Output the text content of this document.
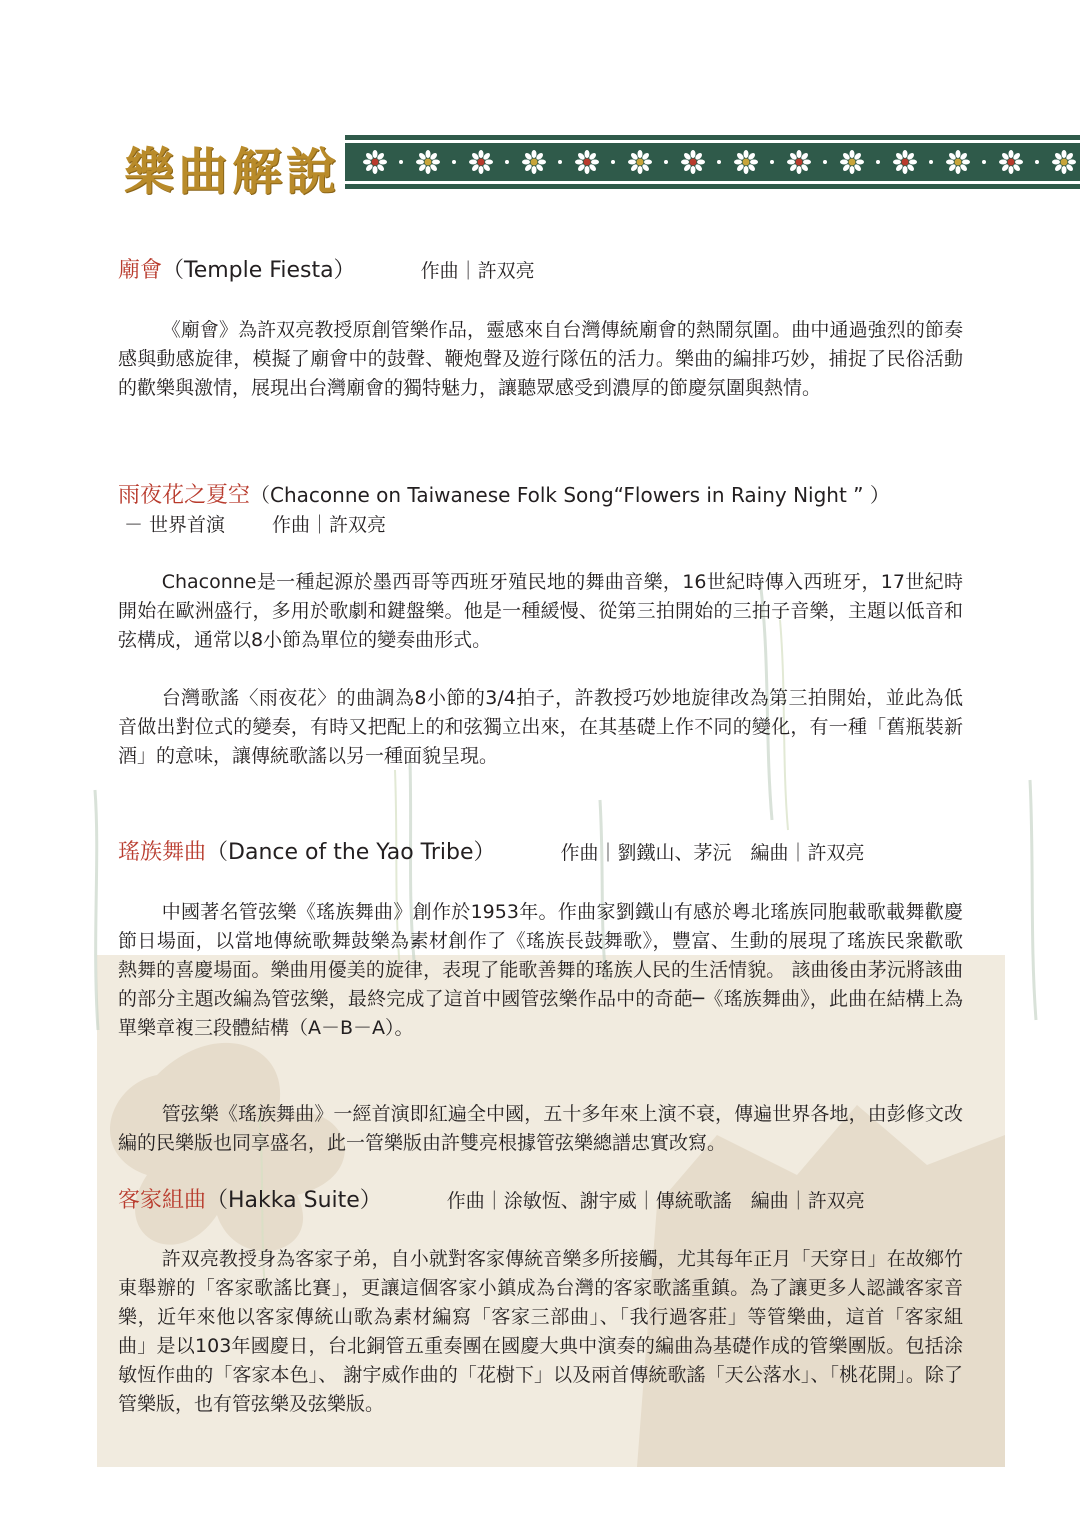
樂曲解說
廟會（Temple Fiesta）	作曲｜許双亮

《廟會》為許双亮教授原創管樂作品，靈感來自台灣傳統廟會的熱鬧氛圍。曲中通過強烈的節奏感與動感旋律，模擬了廟會中的鼓聲、鞭炮聲及遊行隊伍的活力。樂曲的編排巧妙，捕捉了民俗活動的歡樂與激情，展現出台灣廟會的獨特魅力，讓聽眾感受到濃厚的節慶氛圍與熱情。

雨夜花之夏空（Chaconne on Taiwanese Folk Song“Flowers in Rainy Night ” ）
－ 世界首演 作曲｜許双亮

Chaconne是一種起源於墨西哥等西班牙殖民地的舞曲音樂，16世紀時傳入西班牙，17世紀時開始在歐洲盛行，多用於歌劇和鍵盤樂。他是一種緩慢、從第三拍開始的三拍子音樂，主題以低音和弦構成，通常以8小節為單位的變奏曲形式。

台灣歌謠〈雨夜花〉的曲調為8小節的3/4拍子，許教授巧妙地旋律改為第三拍開始，並此為低音做出對位式的變奏，有時又把配上的和弦獨立出來，在其基礎上作不同的變化，有一種「舊瓶裝新酒」的意味，讓傳統歌謠以另一種面貌呈現。

瑤族舞曲（Dance of the Yao Tribe）	作曲｜劉鐵山、茅沅　編曲｜許双亮

中國著名管弦樂《瑤族舞曲》創作於1953年。作曲家劉鐵山有感於粵北瑤族同胞載歌載舞歡慶節日場面，以當地傳統歌舞鼓樂為素材創作了《瑤族長鼓舞歌》，豐富、生動的展現了瑤族民衆歡歌熱舞的喜慶場面。樂曲用優美的旋律，表現了能歌善舞的瑤族人民的生活情貌。 該曲後由茅沅將該曲的部分主題改編為管弦樂，最終完成了這首中國管弦樂作品中的奇葩─《瑤族舞曲》，此曲在結構上為單樂章複三段體結構（A－B－A）。

管弦樂《瑤族舞曲》一經首演即紅遍全中國，五十多年來上演不衰，傳遍世界各地，由彭修文改編的民樂版也同享盛名，此一管樂版由許雙亮根據管弦樂總譜忠實改寫。

客家組曲（Hakka Suite）	作曲｜涂敏恆、謝宇威｜傳統歌謠　編曲｜許双亮

許双亮教授身為客家子弟，自小就對客家傳統音樂多所接觸，尤其每年正月「天穿日」在故鄉竹東舉辦的「客家歌謠比賽」，更讓這個客家小鎮成為台灣的客家歌謠重鎮。為了讓更多人認識客家音樂，近年來他以客家傳統山歌為素材編寫「客家三部曲」、「我行過客莊」等管樂曲，這首「客家組曲」是以103年國慶日，台北銅管五重奏團在國慶大典中演奏的編曲為基礎作成的管樂團版。包括涂敏恆作曲的「客家本色」、 謝宇威作曲的「花樹下」以及兩首傳統歌謠「天公落水」、「桃花開」。除了管樂版，也有管弦樂及弦樂版。
